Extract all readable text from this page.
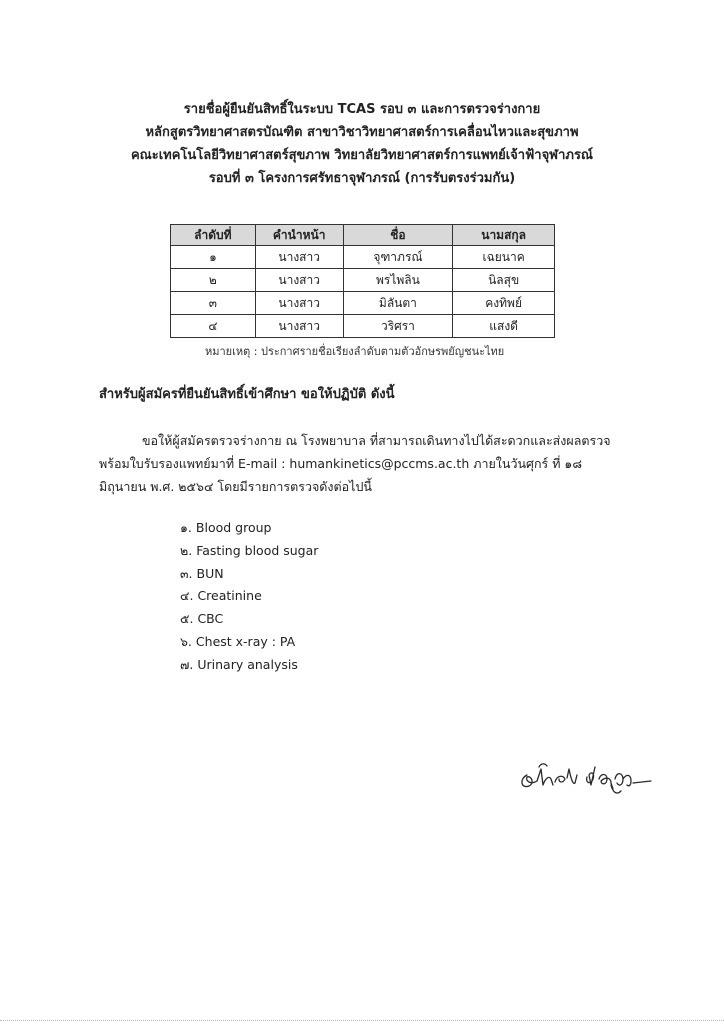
รายชื่อผู้ยืนยันสิทธิ์ในระบบ TCAS รอบ ๓ และการตรวจร่างกาย
หลักสูตรวิทยาศาสตรบัณฑิต สาขาวิชาวิทยาศาสตร์การเคลื่อนไหวและสุขภาพ
คณะเทคโนโลยีวิทยาศาสตร์สุขภาพ วิทยาลัยวิทยาศาสตร์การแพทย์เจ้าฟ้าจุฬาภรณ์
รอบที่ ๓ โครงการศรัทธาจุฬาภรณ์ (การรับตรงร่วมกัน)
ลำดับที่	คำนำหน้า	ชื่อ	นามสกุล
๑	นางสาว	จุฑาภรณ์	เฉยนาค
๒	นางสาว	พรไพลิน	นิลสุข
๓	นางสาว	มิลันตา	คงทิพย์
๔	นางสาว	วริศรา	แสงดี
หมายเหตุ : ประกาศรายชื่อเรียงลำดับตามตัวอักษรพยัญชนะไทย
สำหรับผู้สมัครที่ยืนยันสิทธิ์เข้าศึกษา ขอให้ปฏิบัติ ดังนี้
ขอให้ผู้สมัครตรวจร่างกาย ณ โรงพยาบาล ที่สามารถเดินทางไปได้สะดวกและส่งผลตรวจ
พร้อมใบรับรองแพทย์มาที่ E-mail : humankinetics@pccms.ac.th ภายในวันศุกร์ ที่ ๑๘
มิถุนายน พ.ศ. ๒๕๖๔ โดยมีรายการตรวจดังต่อไปนี้
๑. Blood group
๒. Fasting blood sugar
๓. BUN
๔. Creatinine
๕. CBC
๖. Chest x-ray : PA
๗. Urinary analysis
